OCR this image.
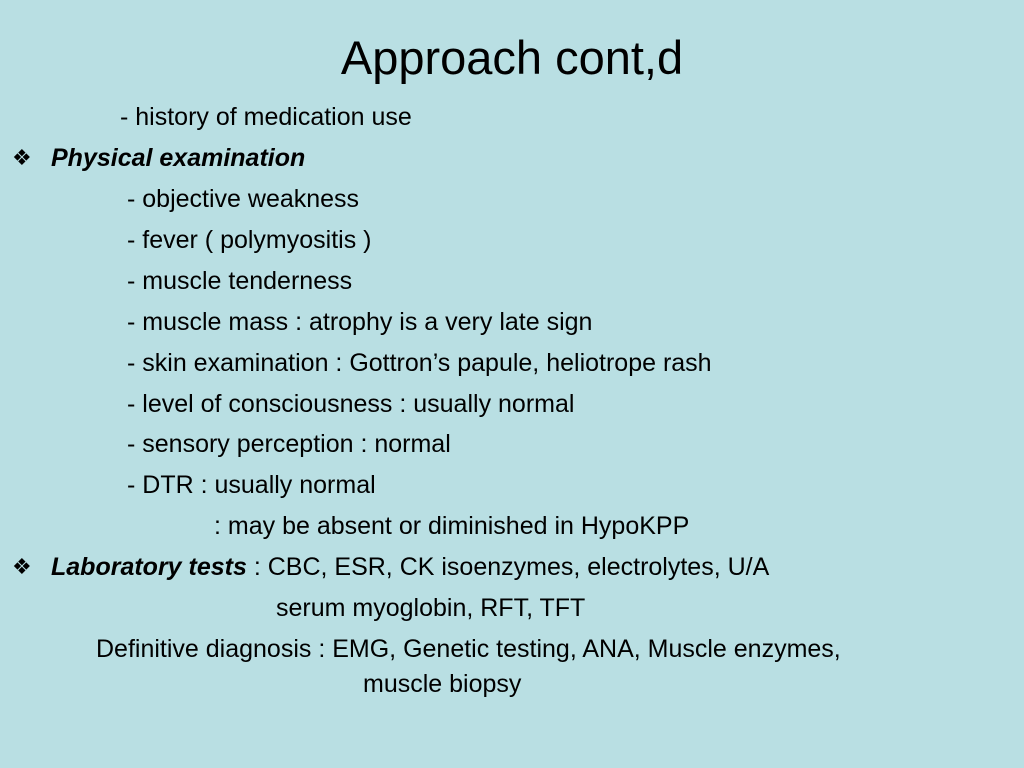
Approach cont,d
- history of medication use
❖ Physical examination
- objective weakness
- fever ( polymyositis )
- muscle tenderness
- muscle mass : atrophy is a very late sign
- skin examination : Gottron’s papule, heliotrope rash
- level of consciousness : usually normal
- sensory perception : normal
- DTR : usually normal
: may be absent or diminished in HypoKPP
❖ Laboratory tests : CBC, ESR, CK isoenzymes, electrolytes, U/A
serum myoglobin, RFT, TFT
Definitive diagnosis : EMG, Genetic testing, ANA, Muscle enzymes,
muscle biopsy
